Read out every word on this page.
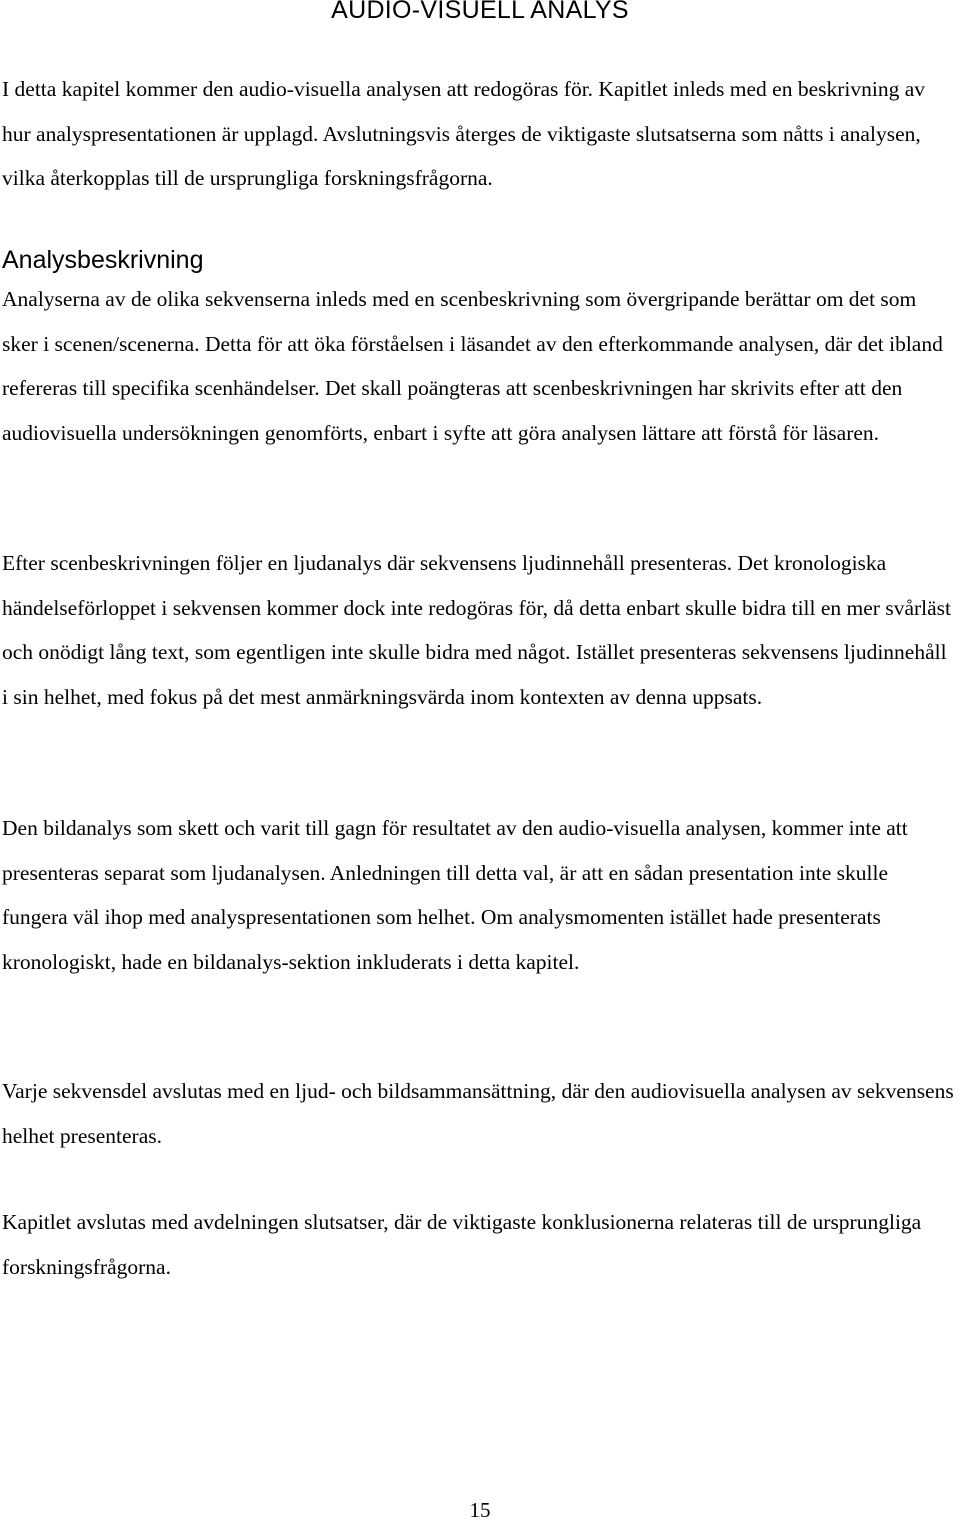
AUDIO-VISUELL ANALYS

I detta kapitel kommer den audio-visuella analysen att redogöras för. Kapitlet inleds med en beskrivning av hur analyspresentationen är upplagd. Avslutningsvis återges de viktigaste slutsatserna som nåtts i analysen, vilka återkopplas till de ursprungliga forskningsfrågorna.

Analysbeskrivning

Analyserna av de olika sekvenserna inleds med en scenbeskrivning som övergripande berättar om det som sker i scenen/scenerna. Detta för att öka förståelsen i läsandet av den efterkommande analysen, där det ibland refereras till specifika scenhändelser. Det skall poängteras att scenbeskrivningen har skrivits efter att den audiovisuella undersökningen genomförts, enbart i syfte att göra analysen lättare att förstå för läsaren.

Efter scenbeskrivningen följer en ljudanalys där sekvensens ljudinnehåll presenteras. Det kronologiska händelseförloppet i sekvensen kommer dock inte redogöras för, då detta enbart skulle bidra till en mer svårläst och onödigt lång text, som egentligen inte skulle bidra med något. Istället presenteras sekvensens ljudinnehåll i sin helhet, med fokus på det mest anmärkningsvärda inom kontexten av denna uppsats.

Den bildanalys som skett och varit till gagn för resultatet av den audio-visuella analysen, kommer inte att presenteras separat som ljudanalysen. Anledningen till detta val, är att en sådan presentation inte skulle fungera väl ihop med analyspresentationen som helhet. Om analysmomenten istället hade presenterats kronologiskt, hade en bildanalys-sektion inkluderats i detta kapitel.

Varje sekvensdel avslutas med en ljud- och bildsammansättning, där den audiovisuella analysen av sekvensens helhet presenteras.

Kapitlet avslutas med avdelningen slutsatser, där de viktigaste konklusionerna relateras till de ursprungliga forskningsfrågorna.

15
